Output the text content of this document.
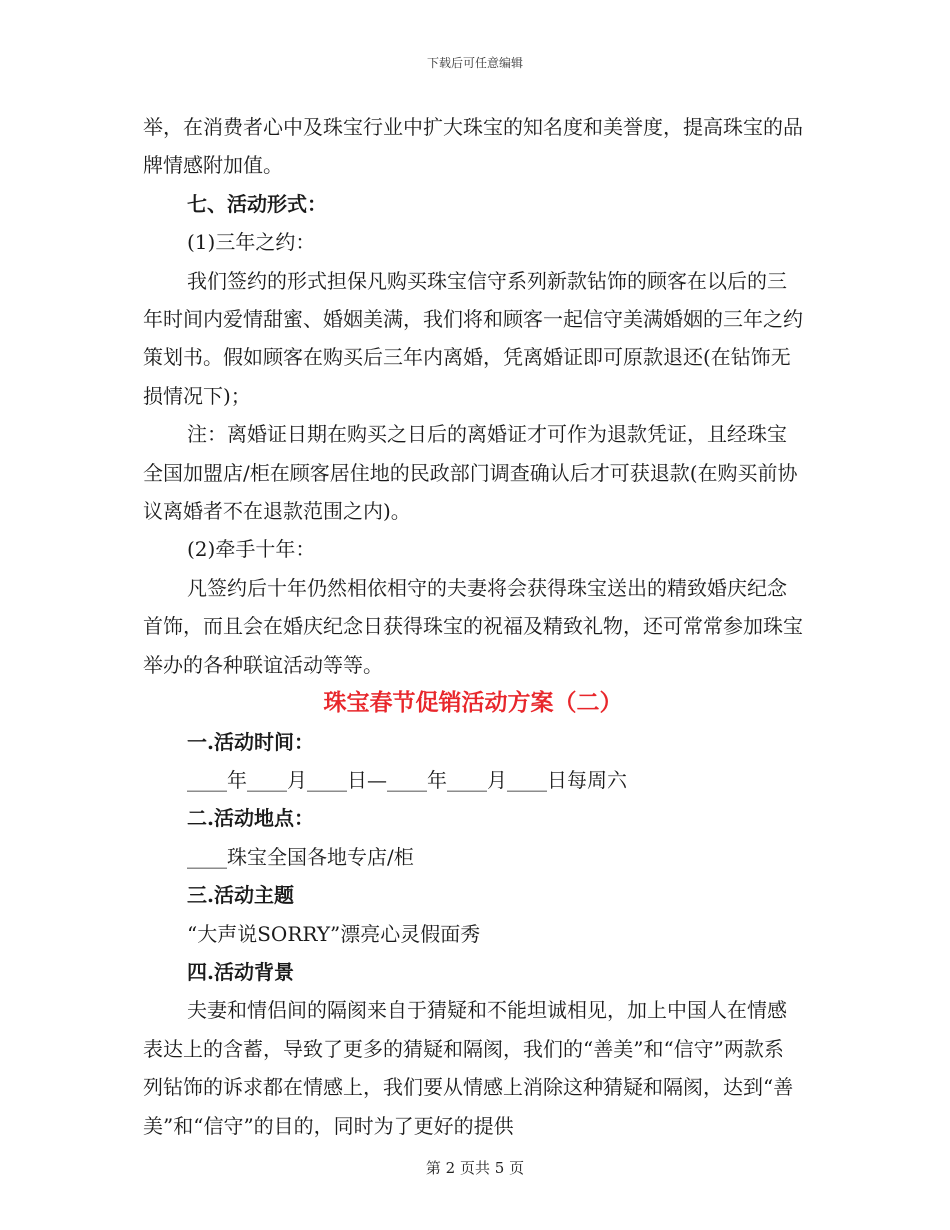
下载后可任意编辑

举，在消费者心中及珠宝行业中扩大珠宝的知名度和美誉度，提高珠宝的品牌情感附加值。

七、活动形式：

(1)三年之约：

我们签约的形式担保凡购买珠宝信守系列新款钻饰的顾客在以后的三年时间内爱情甜蜜、婚姻美满，我们将和顾客一起信守美满婚姻的三年之约策划书。假如顾客在购买后三年内离婚，凭离婚证即可原款退还(在钻饰无损情况下)；

注：离婚证日期在购买之日后的离婚证才可作为退款凭证，且经珠宝全国加盟店/柜在顾客居住地的民政部门调查确认后才可获退款(在购买前协议离婚者不在退款范围之内)。

(2)牵手十年：

凡签约后十年仍然相依相守的夫妻将会获得珠宝送出的精致婚庆纪念首饰，而且会在婚庆纪念日获得珠宝的祝福及精致礼物，还可常常参加珠宝举办的各种联谊活动等等。

珠宝春节促销活动方案（二）

一.活动时间：

____年____月____日—____年____月____日每周六

二.活动地点：

____珠宝全国各地专店/柜

三.活动主题

“大声说SORRY”漂亮心灵假面秀

四.活动背景

夫妻和情侣间的隔阂来自于猜疑和不能坦诚相见，加上中国人在情感表达上的含蓄，导致了更多的猜疑和隔阂，我们的“善美”和“信守”两款系列钻饰的诉求都在情感上，我们要从情感上消除这种猜疑和隔阂，达到“善美”和“信守”的目的，同时为了更好的提供

第 2 页共 5 页
